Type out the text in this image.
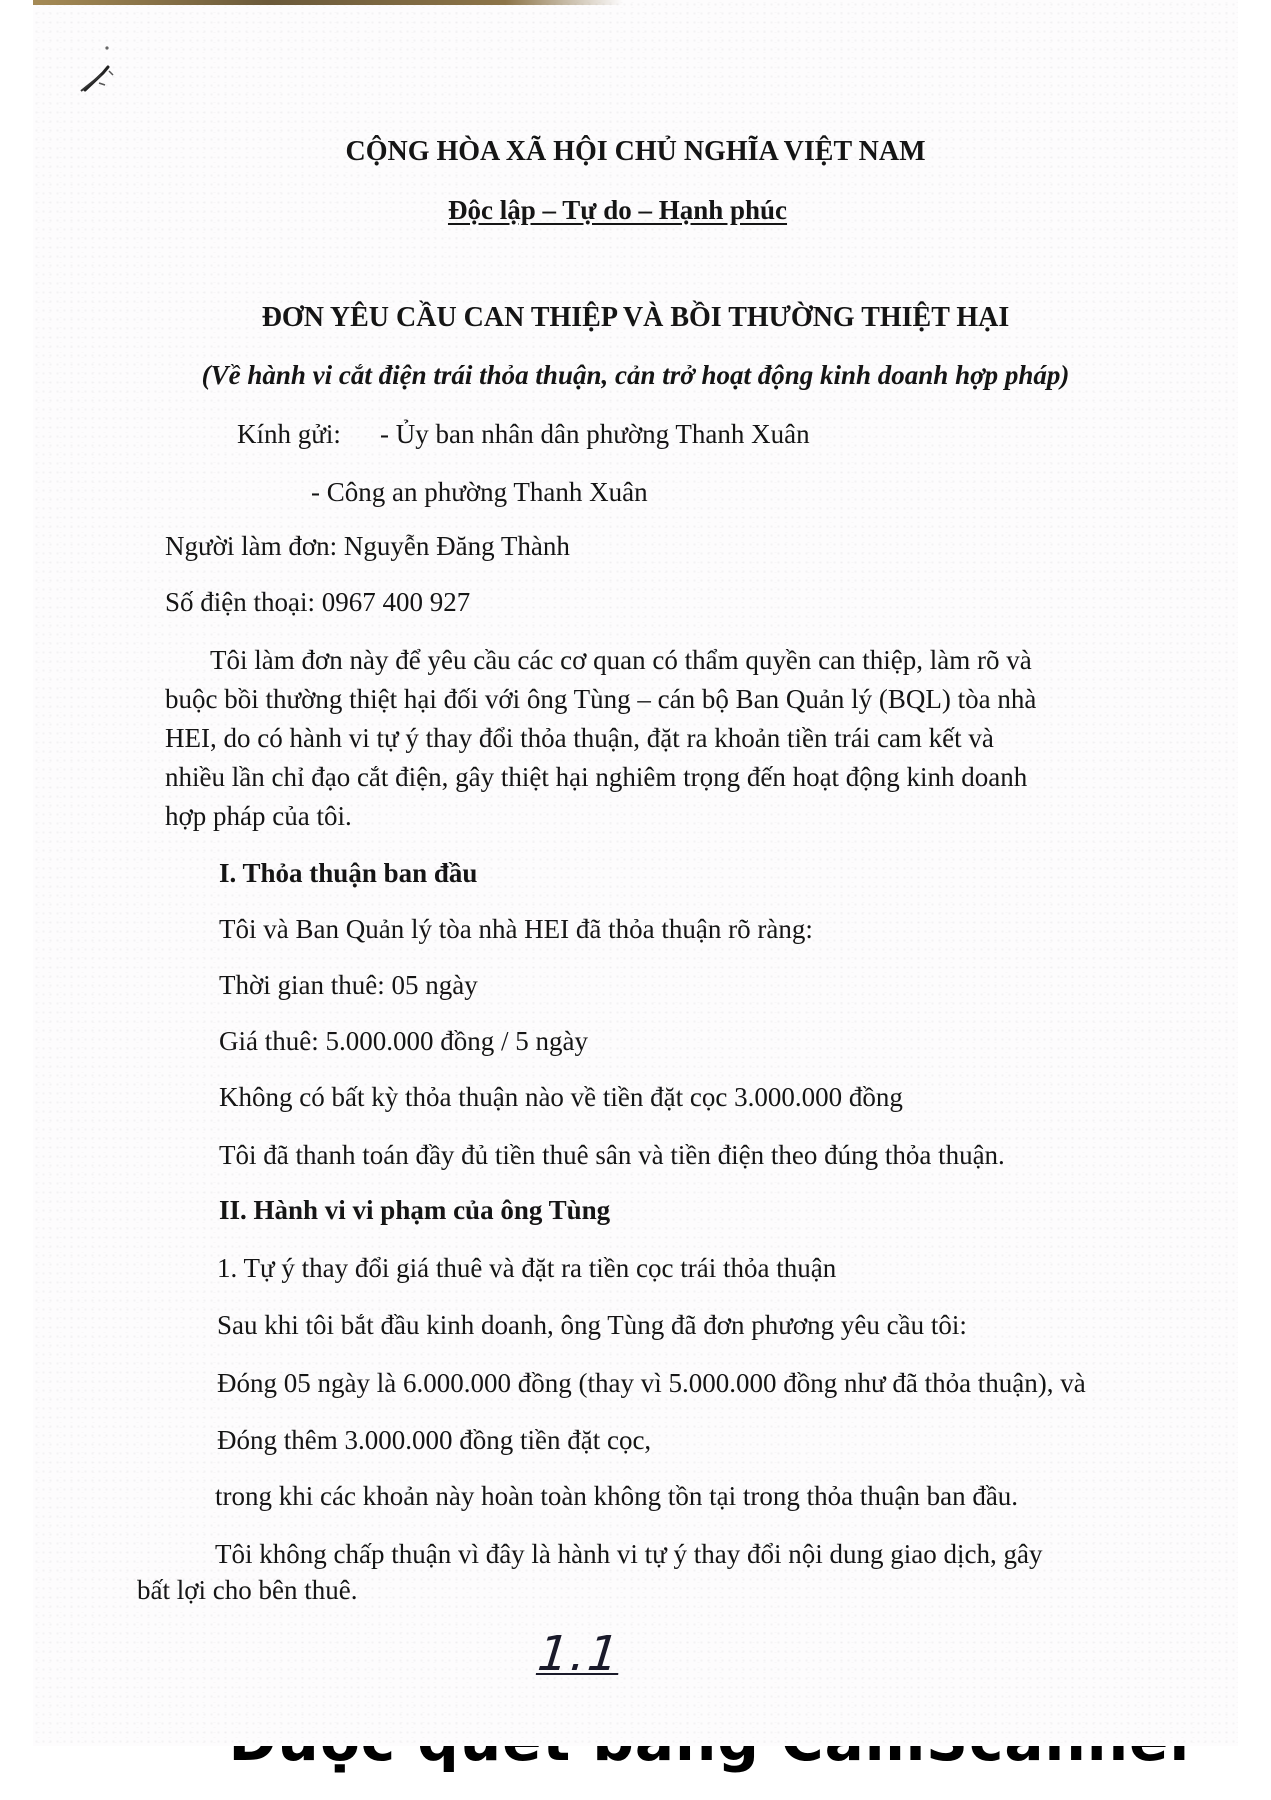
CỘNG HÒA XÃ HỘI CHỦ NGHĨA VIỆT NAM
Độc lập – Tự do – Hạnh phúc
ĐƠN YÊU CẦU CAN THIỆP VÀ BỒI THƯỜNG THIỆT HẠI
(Về hành vi cắt điện trái thỏa thuận, cản trở hoạt động kinh doanh hợp pháp)
Kính gửi: - Ủy ban nhân dân phường Thanh Xuân
- Công an phường Thanh Xuân
Người làm đơn: Nguyễn Đăng Thành
Số điện thoại: 0967 400 927
Tôi làm đơn này để yêu cầu các cơ quan có thẩm quyền can thiệp, làm rõ và
buộc bồi thường thiệt hại đối với ông Tùng – cán bộ Ban Quản lý (BQL) tòa nhà
HEI, do có hành vi tự ý thay đổi thỏa thuận, đặt ra khoản tiền trái cam kết và
nhiều lần chỉ đạo cắt điện, gây thiệt hại nghiêm trọng đến hoạt động kinh doanh
hợp pháp của tôi.
I. Thỏa thuận ban đầu
Tôi và Ban Quản lý tòa nhà HEI đã thỏa thuận rõ ràng:
Thời gian thuê: 05 ngày
Giá thuê: 5.000.000 đồng / 5 ngày
Không có bất kỳ thỏa thuận nào về tiền đặt cọc 3.000.000 đồng
Tôi đã thanh toán đầy đủ tiền thuê sân và tiền điện theo đúng thỏa thuận.
II. Hành vi vi phạm của ông Tùng
1. Tự ý thay đổi giá thuê và đặt ra tiền cọc trái thỏa thuận
Sau khi tôi bắt đầu kinh doanh, ông Tùng đã đơn phương yêu cầu tôi:
Đóng 05 ngày là 6.000.000 đồng (thay vì 5.000.000 đồng như đã thỏa thuận), và
Đóng thêm 3.000.000 đồng tiền đặt cọc,
trong khi các khoản này hoàn toàn không tồn tại trong thỏa thuận ban đầu.
Tôi không chấp thuận vì đây là hành vi tự ý thay đổi nội dung giao dịch, gây
bất lợi cho bên thuê.
1.1
